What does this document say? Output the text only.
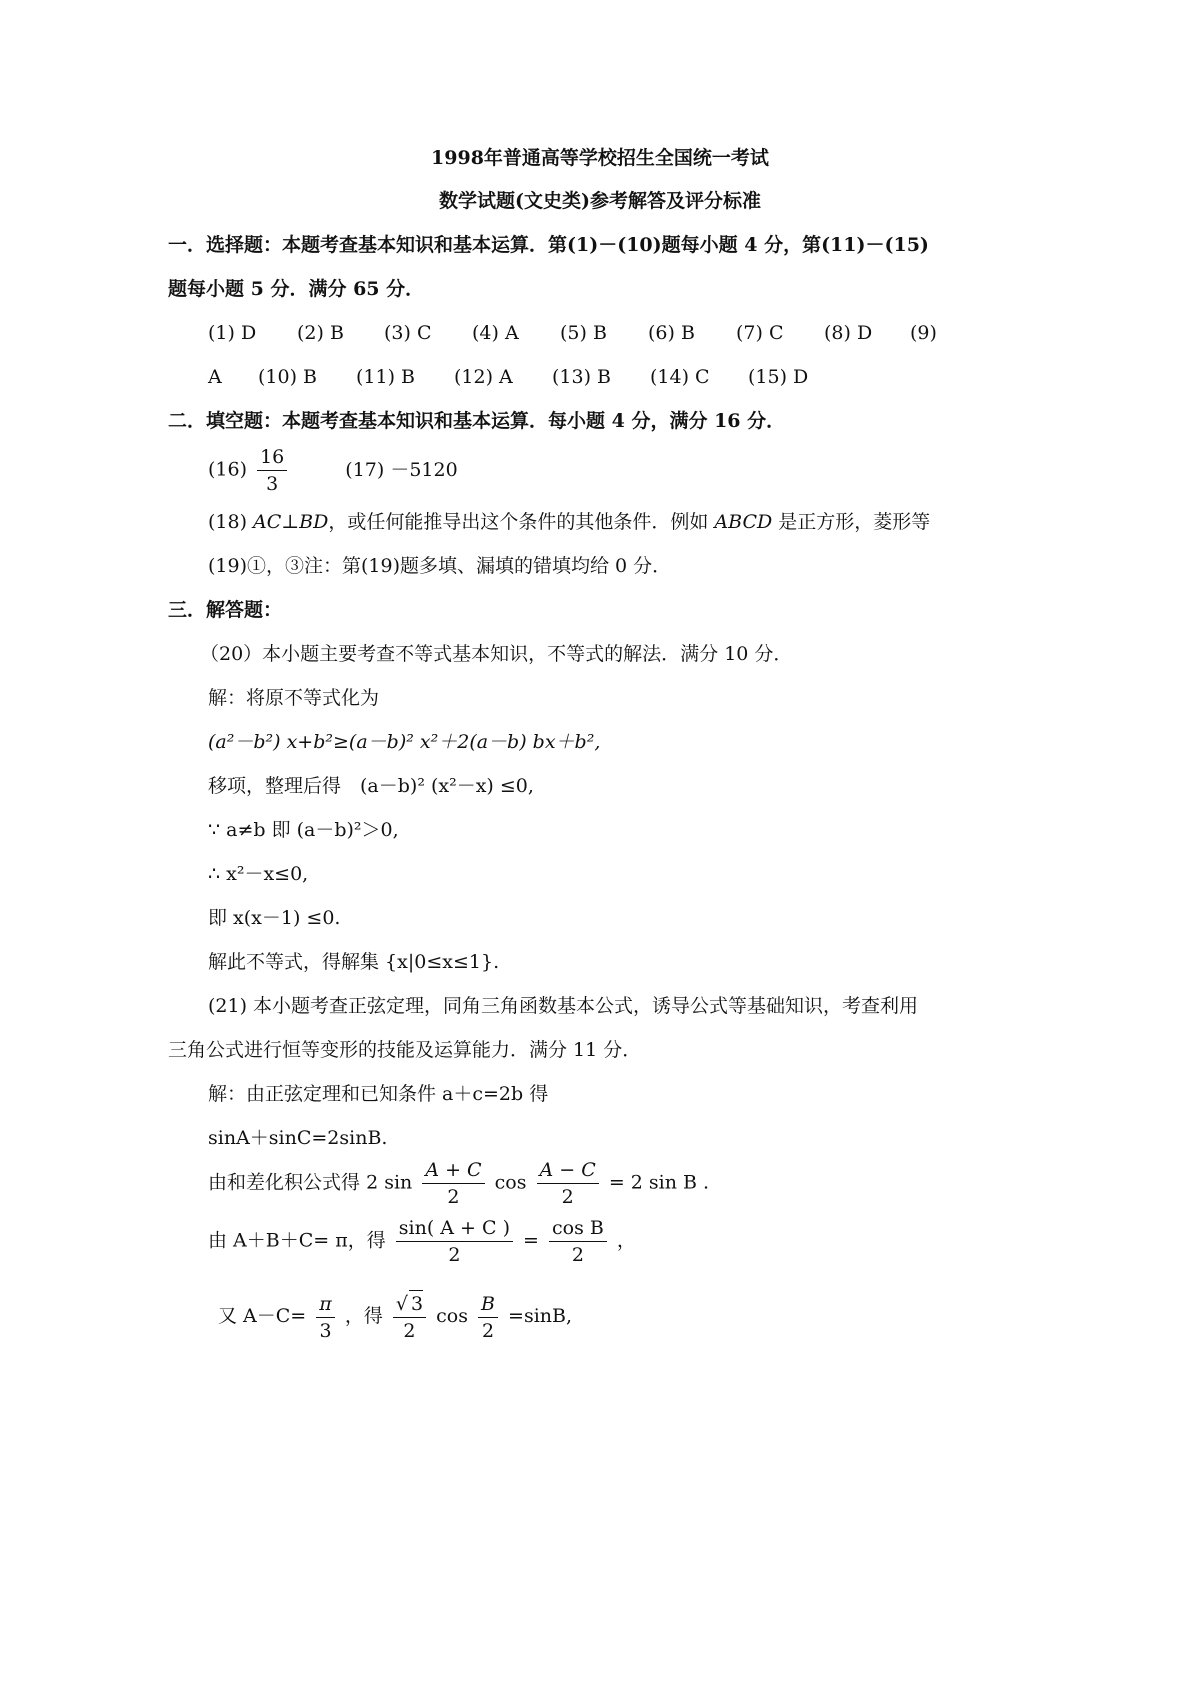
1998年普通高等学校招生全国统一考试
数学试题(文史类)参考解答及评分标准
一．选择题：本题考查基本知识和基本运算．第(1)－(10)题每小题 4 分，第(11)－(15)
题每小题 5 分．满分 65 分．
(1) D (2) B (3) C (4) A (5) B (6) B (7) C (8) D (9)
A (10) B (11) B (12) A (13) B (14) C (15) D
二．填空题：本题考查基本知识和基本运算．每小题 4 分，满分 16 分．
$(16) \frac{16}{3}$	(17) －5120
(18) AC⊥BD，或任何能推导出这个条件的其他条件．例如 ABCD 是正方形，菱形等
(19)①，③注：第(19)题多填、漏填的错填均给 0 分．
三．解答题：
（20）本小题主要考查不等式基本知识，不等式的解法．满分 10 分．
解：将原不等式化为
(a²－b²) x+b²≥(a－b)² x²＋2(a－b) bx＋b²,
移项，整理后得　(a－b)² (x²－x) ≤0,
∵ a≠b 即 (a－b)²＞0,
∴ x²－x≤0,
即 x(x－1) ≤0.
解此不等式，得解集 {x|0≤x≤1}.
(21) 本小题考查正弦定理，同角三角函数基本公式，诱导公式等基础知识，考查利用
三角公式进行恒等变形的技能及运算能力．满分 11 分．
解：由正弦定理和已知条件 a＋c=2b 得
sinA＋sinC=2sinB.
由和差化积公式得 2 $\sin \frac{A + C}{2}$ $\cos \frac{A - C}{2} = 2$ sin B .
由 A＋B＋C= π，得 $\frac{\sin( A + C )}{2} = \frac{\text{cos B}}{2}$ ，
又 $A-C= \frac{\pi}{3}$ ，得 $\frac{√ 3}{2}$ $\cos \frac{B}{2} =\sin B$,
